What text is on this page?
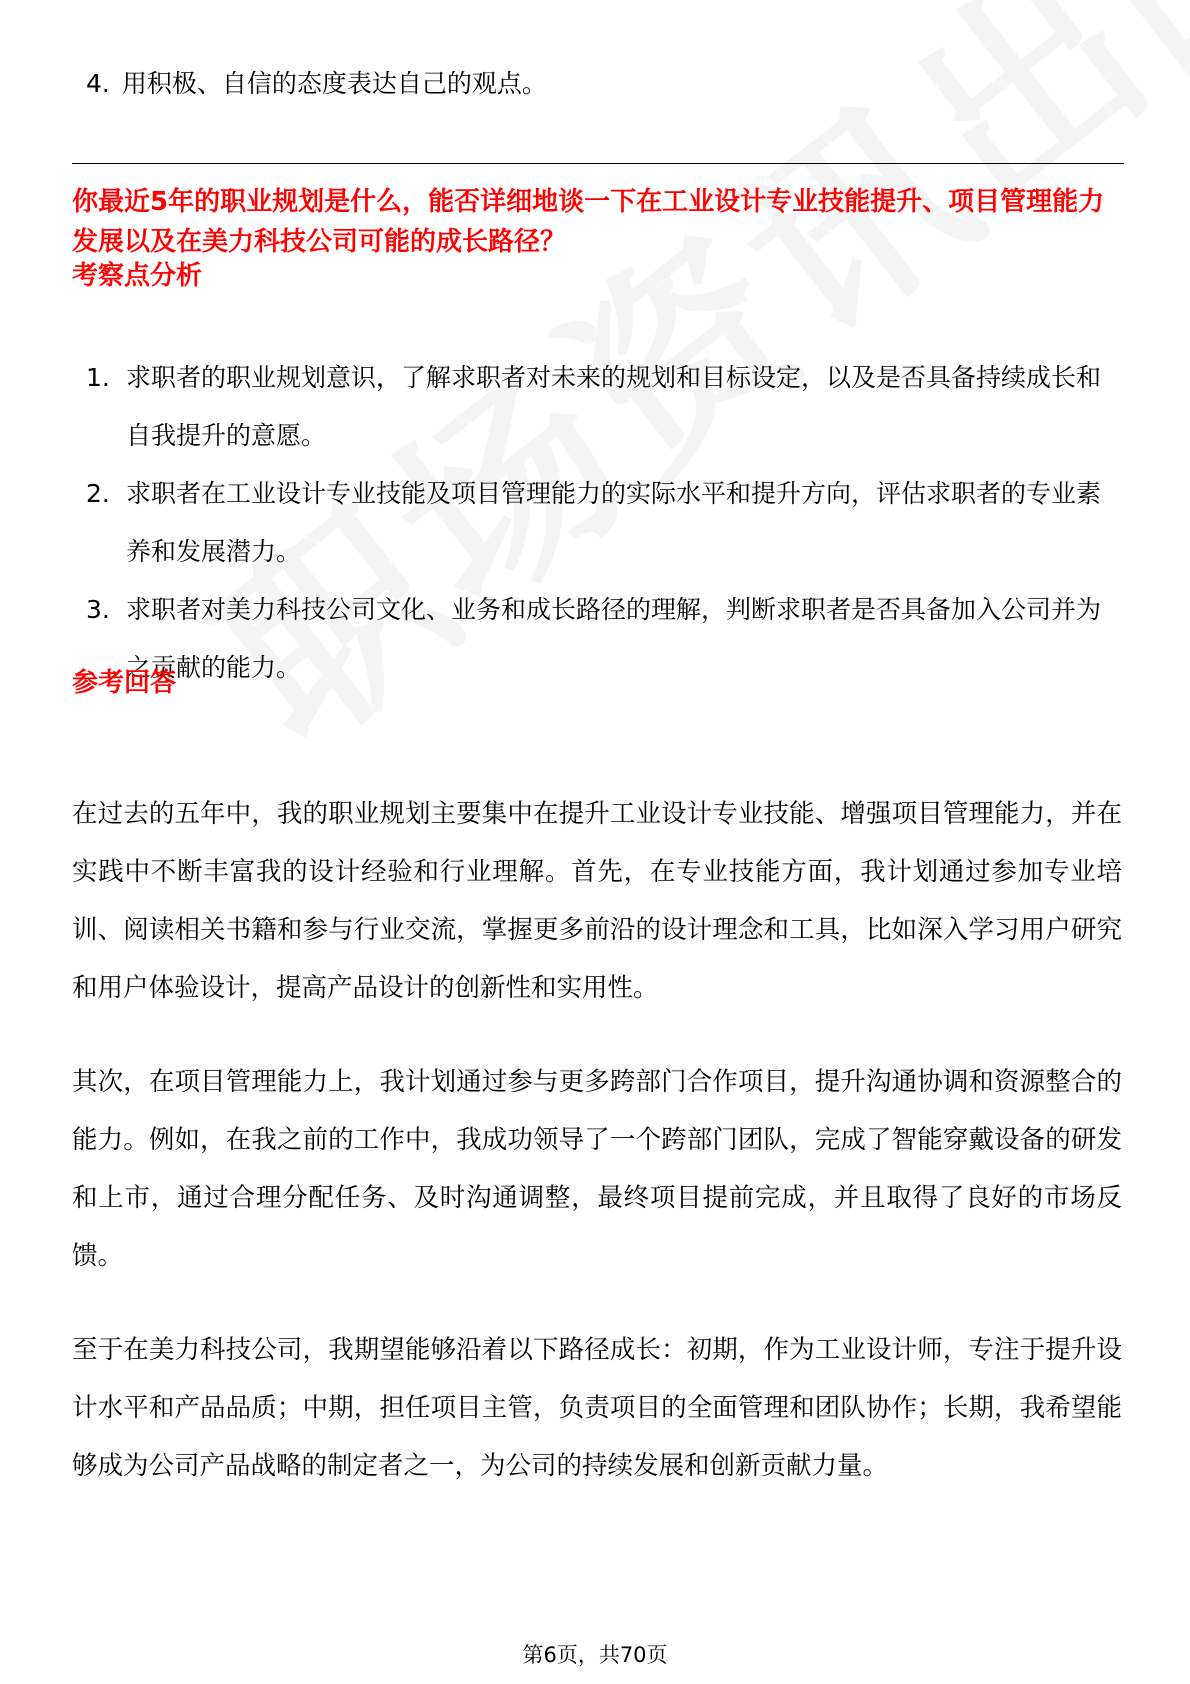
4. 用积极、自信的态度表达自己的观点。
你最近5年的职业规划是什么，能否详细地谈一下在工业设计专业技能提升、项目管理能力发展以及在美力科技公司可能的成长路径？
考察点分析
1. 求职者的职业规划意识，了解求职者对未来的规划和目标设定，以及是否具备持续成长和自我提升的意愿。
2. 求职者在工业设计专业技能及项目管理能力的实际水平和提升方向，评估求职者的专业素养和发展潜力。
3. 求职者对美力科技公司文化、业务和成长路径的理解，判断求职者是否具备加入公司并为之贡献的能力。
参考回答

在过去的五年中，我的职业规划主要集中在提升工业设计专业技能、增强项目管理能力，并在实践中不断丰富我的设计经验和行业理解。首先，在专业技能方面，我计划通过参加专业培训、阅读相关书籍和参与行业交流，掌握更多前沿的设计理念和工具，比如深入学习用户研究和用户体验设计，提高产品设计的创新性和实用性。

其次，在项目管理能力上，我计划通过参与更多跨部门合作项目，提升沟通协调和资源整合的能力。例如，在我之前的工作中，我成功领导了一个跨部门团队，完成了智能穿戴设备的研发和上市，通过合理分配任务、及时沟通调整，最终项目提前完成，并且取得了良好的市场反馈。

至于在美力科技公司，我期望能够沿着以下路径成长：初期，作为工业设计师，专注于提升设计水平和产品品质；中期，担任项目主管，负责项目的全面管理和团队协作；长期，我希望能够成为公司产品战略的制定者之一，为公司的持续发展和创新贡献力量。

第6页，共70页
